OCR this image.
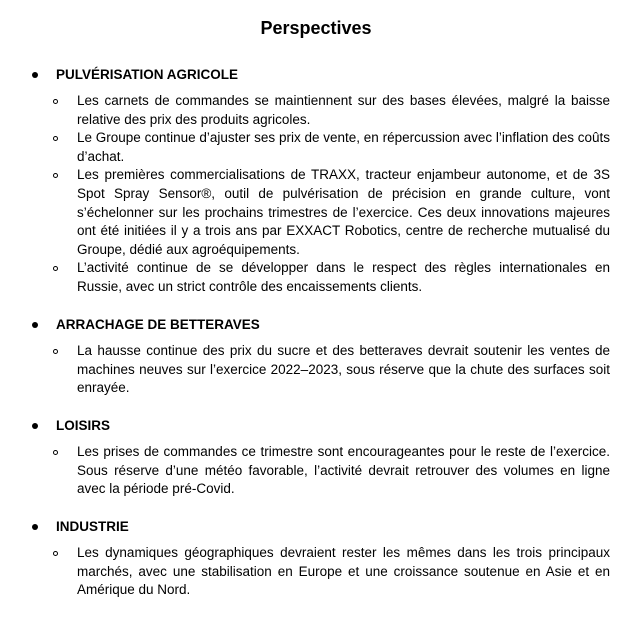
Perspectives
PULVÉRISATION AGRICOLE
Les carnets de commandes se maintiennent sur des bases élevées, malgré la baisse relative des prix des produits agricoles.
Le Groupe continue d’ajuster ses prix de vente, en répercussion avec l’inflation des coûts d’achat.
Les premières commercialisations de TRAXX, tracteur enjambeur autonome, et de 3S Spot Spray Sensor®, outil de pulvérisation de précision en grande culture, vont s’échelonner sur les prochains trimestres de l’exercice. Ces deux innovations majeures ont été initiées il y a trois ans par EXXACT Robotics, centre de recherche mutualisé du Groupe, dédié aux agroéquipements.
L’activité continue de se développer dans le respect des règles internationales en Russie, avec un strict contrôle des encaissements clients.
ARRACHAGE DE BETTERAVES
La hausse continue des prix du sucre et des betteraves devrait soutenir les ventes de machines neuves sur l’exercice 2022–2023, sous réserve que la chute des surfaces soit enrayée.
LOISIRS
Les prises de commandes ce trimestre sont encourageantes pour le reste de l’exercice. Sous réserve d’une météo favorable, l’activité devrait retrouver des volumes en ligne avec la période pré-Covid.
INDUSTRIE
Les dynamiques géographiques devraient rester les mêmes dans les trois principaux marchés, avec une stabilisation en Europe et une croissance soutenue en Asie et en Amérique du Nord.
